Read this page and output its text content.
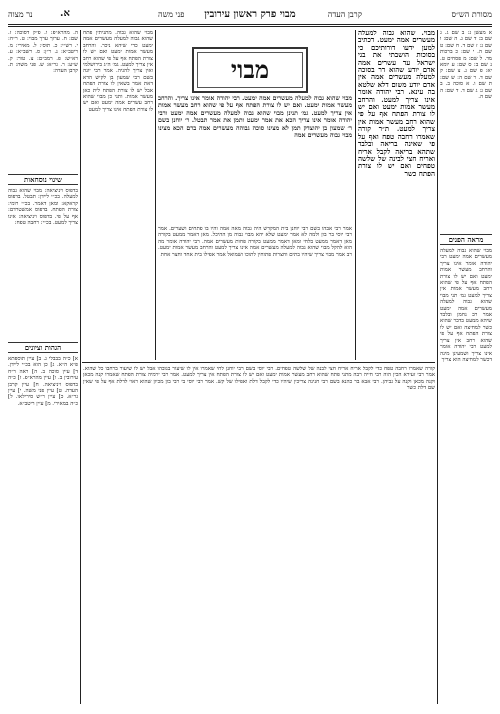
מסורת הש״ס
קרבן העדה
מבוי פרק ראשון עירובין
פני משה
נר מצוה	א.
א מעשן ג: ב שם ג. ג שם ב: ד שם ג. ה שם: ו שם ג: ז שם ד. ח שם: ט שם ה. י שם: כ ברכות מד. ל שם: מ פסחים ט. נ שם ב: ס שם: ע יומא יא: פ שם ג. צ שם: ק שם ד. ר שם ה: ש שם: ת שם ו. א סוכה ב. ב שם ג: ג שם ד. ד שם: ה שם ה.
מראה הפנים
מבוי שהוא גבוה למעלה מעשרים אמה ימעט רבי יהודה אומר אינו צריך והרחב מעשר אמות ימעט ואם יש לו צורת הפתח אף על פי שהוא רחב מעשר אמות אין צריך למעט גמ׳ תני מבוי שהוא גבוה למעלה מעשרים אמה ימעט אמר רב נחמן ובלבד שיהא ממעט בדבר שהוא כשר למחיצה ואם יש לו צורת הפתח אף על פי שהוא רחב אין צריך למעט רבי יהודה אומר אינו צריך ושמעינן מינה דכשר למחיצה הוא צריך
מבוי. שהוא גבוה למעלה מעשרים אמה ימעט. דכתיב למען ידעו דורותיכם כי בסוכות הושבתי את בני ישראל עד עשרים אמה אדם יודע שהוא דר בסוכה למעלה מעשרים אמה אין אדם יודע משום דלא שלטא בה עינא. רבי יהודה אומר אינו צריך למעט. והרחב מעשר אמות ימעט ואם יש לו צורת הפתח אף על פי שהוא רחב מעשר אמות אין צריך למעט. ת״ר קורה שאמרו רחבה טפח ואף על פי שאינה בריאה ובלבד שתהא בריאה לקבל אריח ואריח חצי לבינה של שלשה טפחים ואם יש לו צורת הפתח כשר
מבוי
מבוי שהוא גבוה למעלה מעשרים אמה ימעט. רבי יהודה אומר אינו צריך. והרחב מעשר אמות ימעט. ואם יש לו צורת הפתח אף על פי שהוא רחב מעשר אמות אין צריך למעט. גמ׳ תנינן מבוי שהוא גבוה למעלה מעשרים אמה ימעט ורבי יהודה אומר אינו צריך הכא את אמר ימעט ותמן את אמר תבטל. ר׳ יוחנן בשם ר׳ שמעון בן יהוצדק תמן לא מצינו סוכה גבוהה מעשרים אמה ברם הכא מצינו מבוי גבוה מעשרים אמה
אמר רבי אבהו בשם רבי יוחנן בית המקדש היה גבוה מאה אמה והיו בו פתחים ושערים. אמר רבי יוסי בר בון ולמה לא אמר ימעט שלא יהא מבוי גבוה מן ההיכל. מאן דאמר ממעט בקורה מאן דאמר ממעט בלחי ומאן דאמר ממעט בקורה פחות מעשרים אמה. רבי יהודה אומר מה הוא להקל מבוי שהוא גבוה למעלה מעשרים אמה אינו צריך למעט והרחב מעשר אמות ימעט. רב אמר מבוי צריך שיהיו בתים וחצרות פתוחין לתוכו ושמואל אמר אפילו בית אחד וחצר אחת
מבוי שהוא גבוה. מתניתין פתח שהוא גבוה למעלה מעשרים אמה ימעט כדי שיהא ניכר. והרחב מעשר אמות ימעט ואם יש לו צורת הפתח אף על פי שהוא רחב אין צריך למעט. גמ׳ ה״ג בירושלמי ואין צריך להגיה. אמר רבי יונה בשם רבי שמעון בן לקיש הדא דאת אמר בשאין לו צורת הפתח אבל יש לו צורת הפתח לית כאן מעשר אמות. ותני כן מבוי שהוא רחב עשרים אמה ימעט ואם יש לו צורת הפתח אינו צריך למעט
קורה שאמרו רחבה טפח כדי לקבל אריח אריח חצי לבנה של שלשה טפחים. רבי יוסי בשם רבי יוחנן לחי שאמרו אין לו שיעור בגובהו אבל יש לו שיעור ברחבו כל שהוא. אמר רבי זעירא הכין הוה רבי חייה רבה מתני פתח שהוא רחב מעשר אמות ימעט ואם יש לו צורת הפתח אין צריך למעט. אמר רבי ירמיה צורת הפתח שאמרו קנה מכאן וקנה מכאן וקנה על גביהן. רבי אבא בר כהנא בשם רבי חנינה צריכין שיהיו כדי לקבל דלת ואפילו של קש. אמר רבי יוסי בי רבי בון מכיון שהוא ראוי לדלת אף על פי שאין שם דלת כשר
ה. מהרא״פ: ו. פ״ק דסוכה: ז. שם: ח. ערוך ערך מבוי: ט. ר״ח: י. רש״י: כ. תוס׳: ל. מאירי: מ. ריטב״א: נ. ר״ן: ס. רשב״א: ע. רא״ש: פ. רמב״ם: צ. טור: ק. ש״ע: ר. גר״א: ש. פני משה: ת. קרבן העדה:
שינוי נוסחאות
בדפוס ויניציאה: מבוי שהוא גבוה למעלה. בכ״י ליידן: תבטל. בדפוס קראקא: ומאן דאמר. בכ״י רומי: צורת הפתח. בדפוס אמשטרדם: אף על פי. בדפוס ויניציאה: אינו צריך למעט. בכ״י: רחבה טפח:
הגהות וציונים
א] כ״ה בבבלי ג. ב] עיין תוספתא פ״א ה״א. ג] כן הוא בכ״י ליידן. ד] עיין סוכה ב. ה] ראה ר״ח עירובין ב. ו] עיין מהרא״פ. ז] כ״ה בדפוס ויניציאה. ח] עיין קרבן העדה. ט] עיין פני משה. י] עיין גר״א. כ] עיין ר״ש סירילאו. ל] כ״ה במאירי. מ] עיין ריטב״א.
